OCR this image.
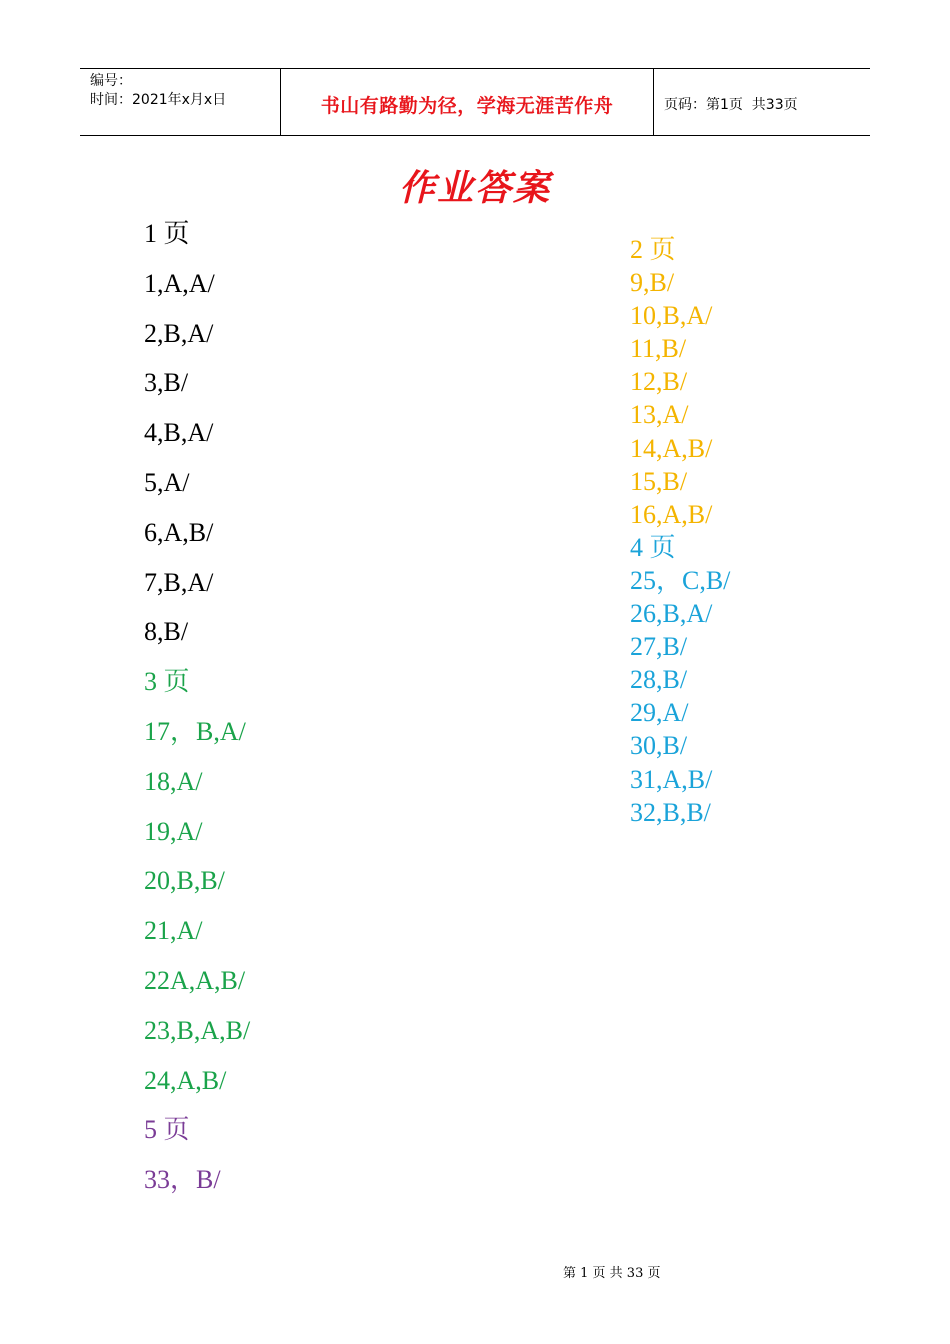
编号：
时间：2021年x月x日	书山有路勤为径，学海无涯苦作舟	页码：第1页  共33页
作业答案
1 页
1,A,A/
2,B,A/
3,B/
4,B,A/
5,A/
6,A,B/
7,B,A/
8,B/
3 页
17，B,A/
18,A/
19,A/
20,B,B/
21,A/
22A,A,B/
23,B,A,B/
24,A,B/
5 页
33，B/
2 页
9,B/
10,B,A/
11,B/
12,B/
13,A/
14,A,B/
15,B/
16,A,B/
4 页
25，C,B/
26,B,A/
27,B/
28,B/
29,A/
30,B/
31,A,B/
32,B,B/

第 1 页 共 33 页
